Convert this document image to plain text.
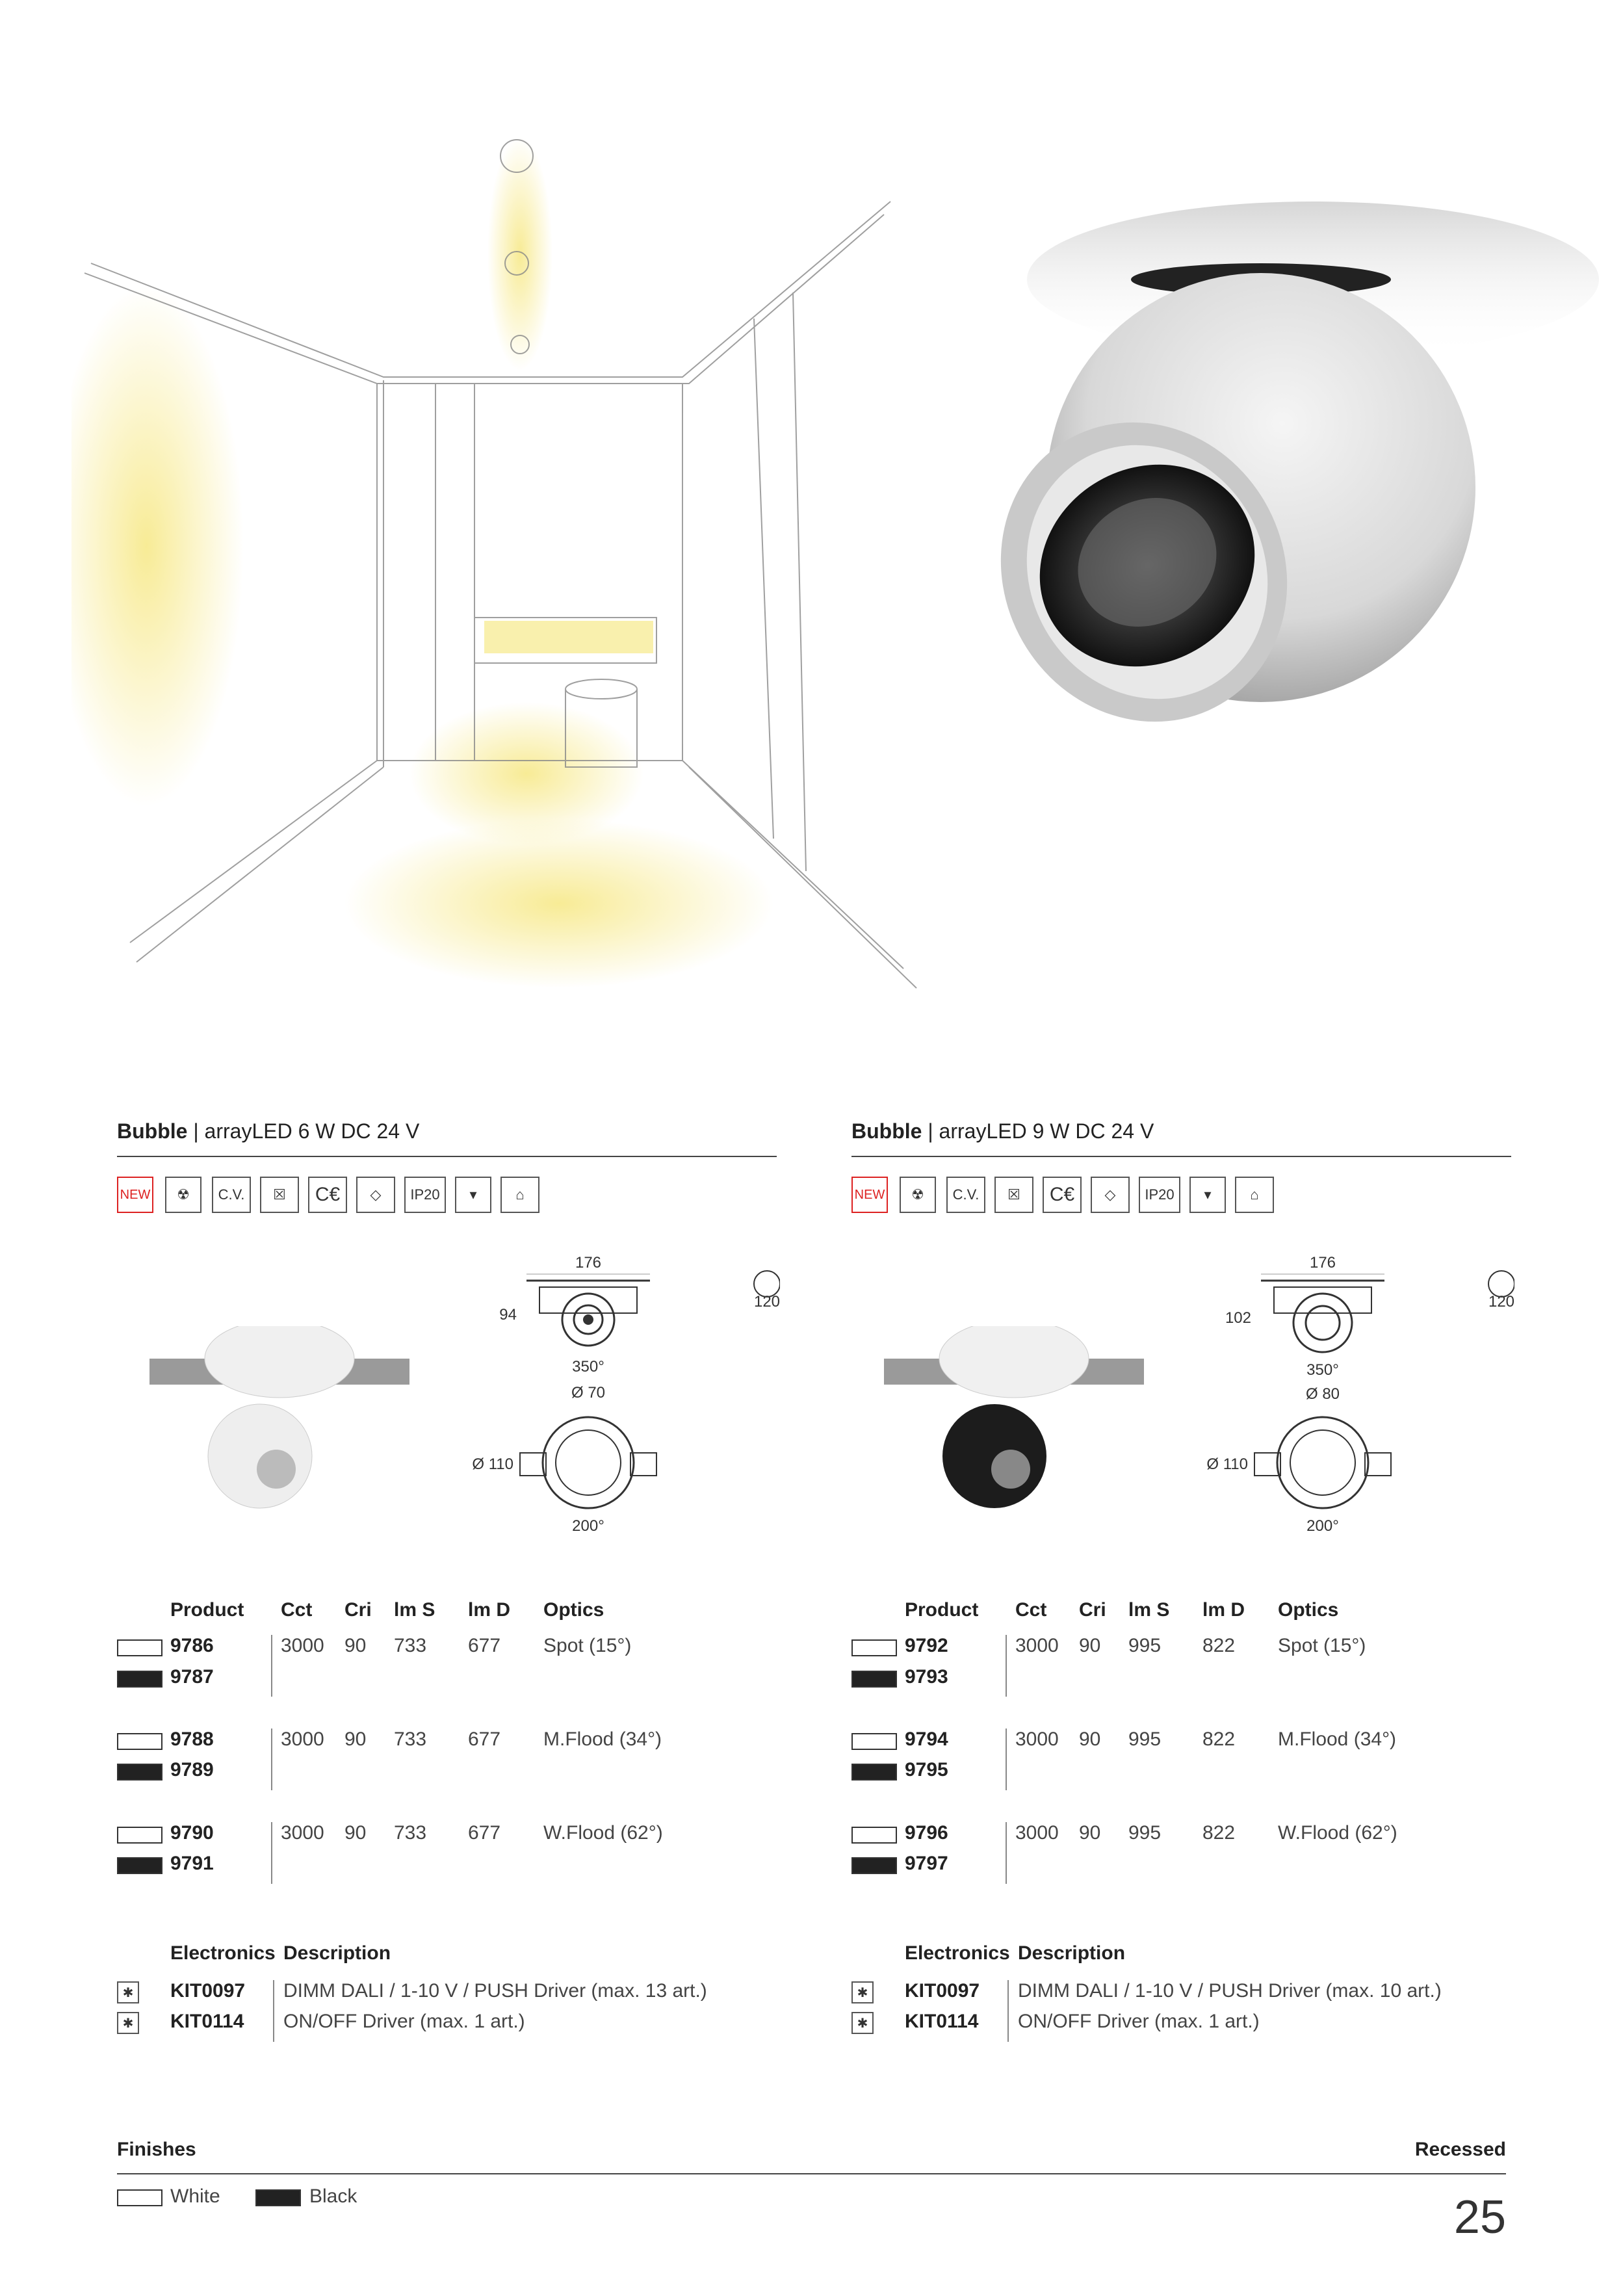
Bubble | arrayLED 6 W DC 24 V
NEW	☢	C.V.	☒	C€	◇	IP20	▾	⌂
176
94
120
350°
Ø 70
Ø 110
200°
Product Cct Cri lm S lm D Optics
9786
9787
3000 90 733 677 Spot (15°)
9788
9789
3000 90 733 677 M.Flood (34°)
9790
9791
3000 90 733 677 W.Flood (62°)
Electronics Description
✱ KIT0097 DIMM DALI / 1-10 V / PUSH Driver (max. 13 art.)
✱ KIT0114 ON/OFF Driver (max. 1 art.)
Bubble | arrayLED 9 W DC 24 V
NEW	☢	C.V.	☒	C€	◇	IP20	▾	⌂
176
102
120
350°
Ø 80
Ø 110
200°
Product Cct Cri lm S lm D Optics
9792
9793
3000 90 995 822 Spot (15°)
9794
9795
3000 90 995 822 M.Flood (34°)
9796
9797
3000 90 995 822 W.Flood (62°)
Electronics Description
✱ KIT0097 DIMM DALI / 1-10 V / PUSH Driver (max. 10 art.)
✱ KIT0114 ON/OFF Driver (max. 1 art.)
Finishes	Recessed
White	Black	25
